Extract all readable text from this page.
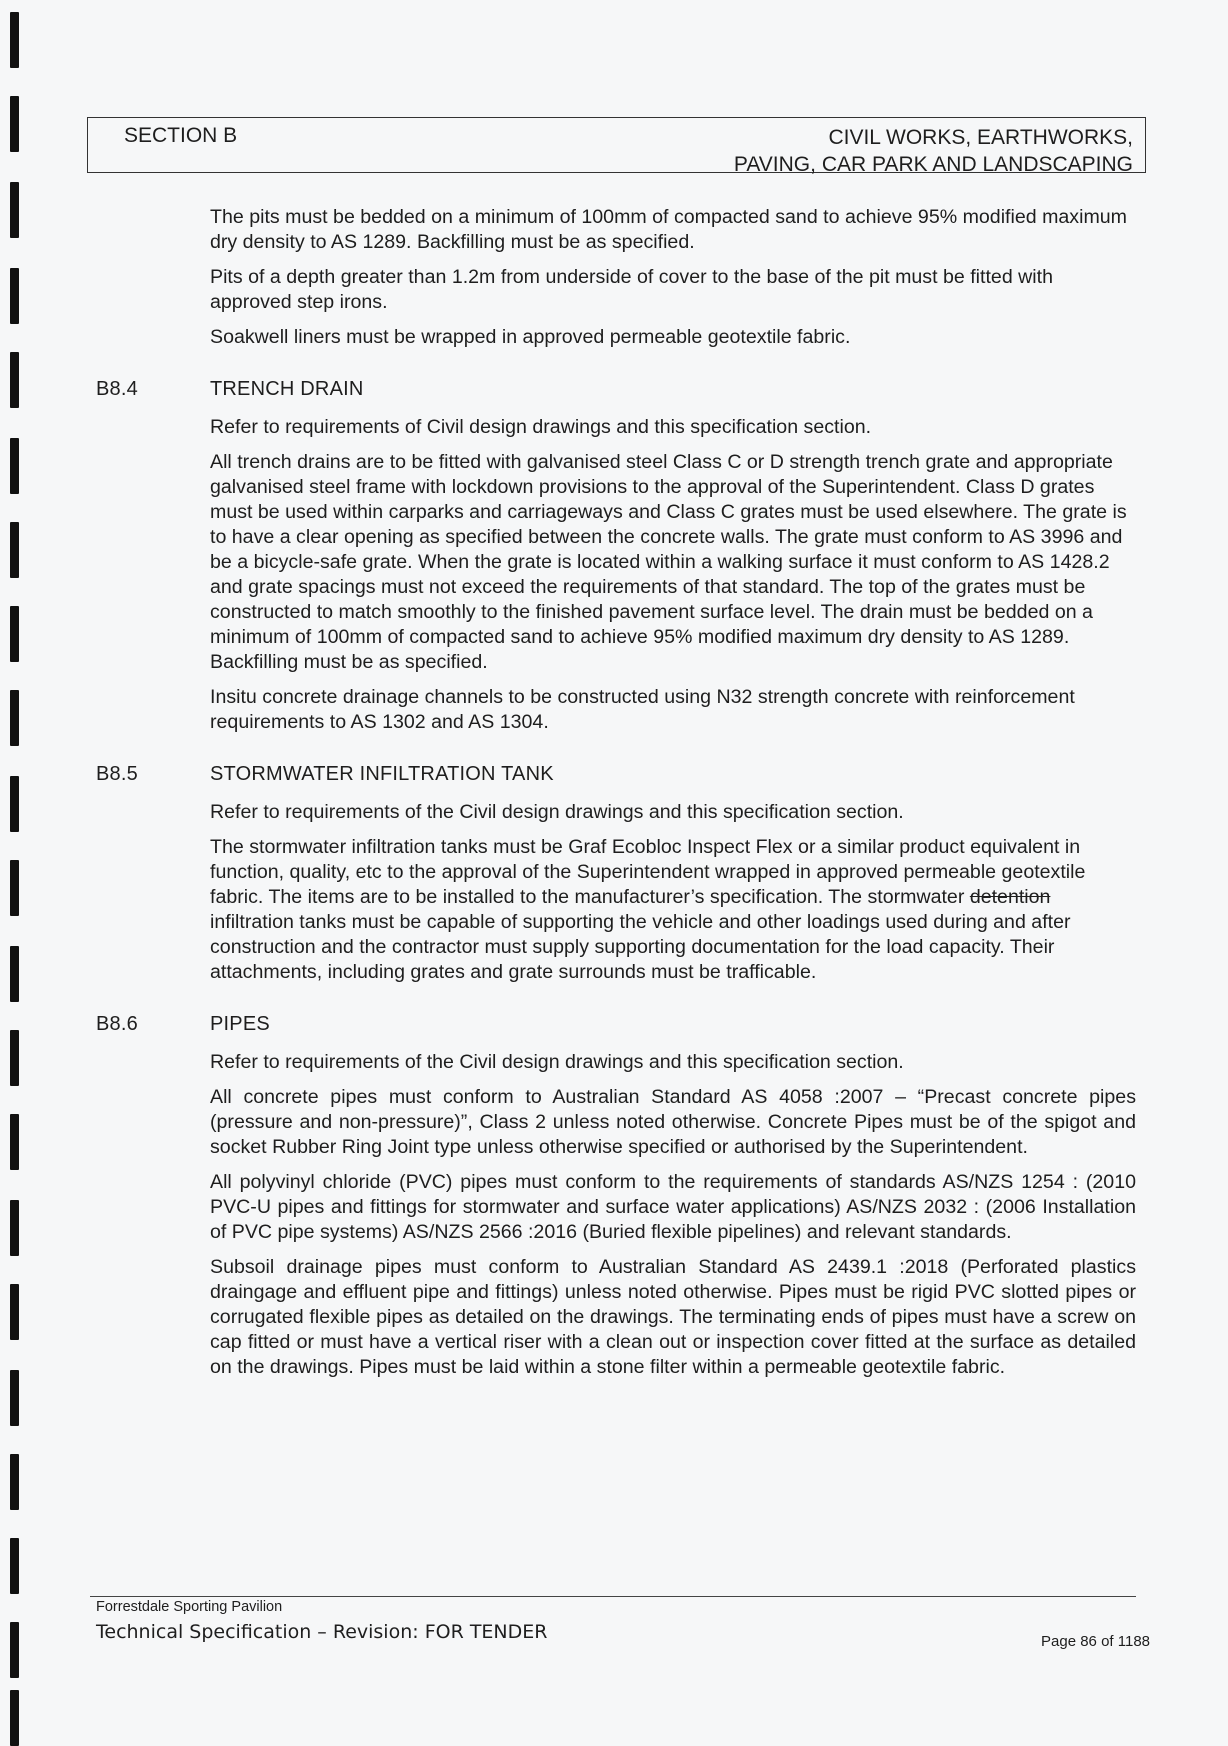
SECTION B	CIVIL WORKS, EARTHWORKS,
PAVING, CAR PARK AND LANDSCAPING

The pits must be bedded on a minimum of 100mm of compacted sand to achieve 95% modified maximum dry density to AS 1289. Backfilling must be as specified.

Pits of a depth greater than 1.2m from underside of cover to the base of the pit must be fitted with approved step irons.

Soakwell liners must be wrapped in approved permeable geotextile fabric.

B8.4	TRENCH DRAIN

Refer to requirements of Civil design drawings and this specification section.

All trench drains are to be fitted with galvanised steel Class C or D strength trench grate and appropriate galvanised steel frame with lockdown provisions to the approval of the Superintendent. Class D grates must be used within carparks and carriageways and Class C grates must be used elsewhere. The grate is to have a clear opening as specified between the concrete walls. The grate must conform to AS 3996 and be a bicycle-safe grate. When the grate is located within a walking surface it must conform to AS 1428.2 and grate spacings must not exceed the requirements of that standard. The top of the grates must be constructed to match smoothly to the finished pavement surface level. The drain must be bedded on a minimum of 100mm of compacted sand to achieve 95% modified maximum dry density to AS 1289. Backfilling must be as specified.

Insitu concrete drainage channels to be constructed using N32 strength concrete with reinforcement requirements to AS 1302 and AS 1304.

B8.5	STORMWATER INFILTRATION TANK

Refer to requirements of the Civil design drawings and this specification section.

The stormwater infiltration tanks must be Graf Ecobloc Inspect Flex or a similar product equivalent in function, quality, etc to the approval of the Superintendent wrapped in approved permeable geotextile fabric. The items are to be installed to the manufacturer’s specification. The stormwater detention infiltration tanks must be capable of supporting the vehicle and other loadings used during and after construction and the contractor must supply supporting documentation for the load capacity. Their attachments, including grates and grate surrounds must be trafficable.

B8.6	PIPES

Refer to requirements of the Civil design drawings and this specification section.

All concrete pipes must conform to Australian Standard AS 4058 :2007 – “Precast concrete pipes (pressure and non-pressure)”, Class 2 unless noted otherwise. Concrete Pipes must be of the spigot and socket Rubber Ring Joint type unless otherwise specified or authorised by the Superintendent.

All polyvinyl chloride (PVC) pipes must conform to the requirements of standards AS/NZS 1254 : (2010 PVC-U pipes and fittings for stormwater and surface water applications) AS/NZS 2032 : (2006 Installation of PVC pipe systems) AS/NZS 2566 :2016 (Buried flexible pipelines) and relevant standards.

Subsoil drainage pipes must conform to Australian Standard AS 2439.1 :2018 (Perforated plastics draingage and effluent pipe and fittings) unless noted otherwise. Pipes must be rigid PVC slotted pipes or corrugated flexible pipes as detailed on the drawings. The terminating ends of pipes must have a screw on cap fitted or must have a vertical riser with a clean out or inspection cover fitted at the surface as detailed on the drawings. Pipes must be laid within a stone filter within a permeable geotextile fabric.

Forrestdale Sporting Pavilion
Technical Specification – Revision: FOR TENDER	Page 86 of 1188
